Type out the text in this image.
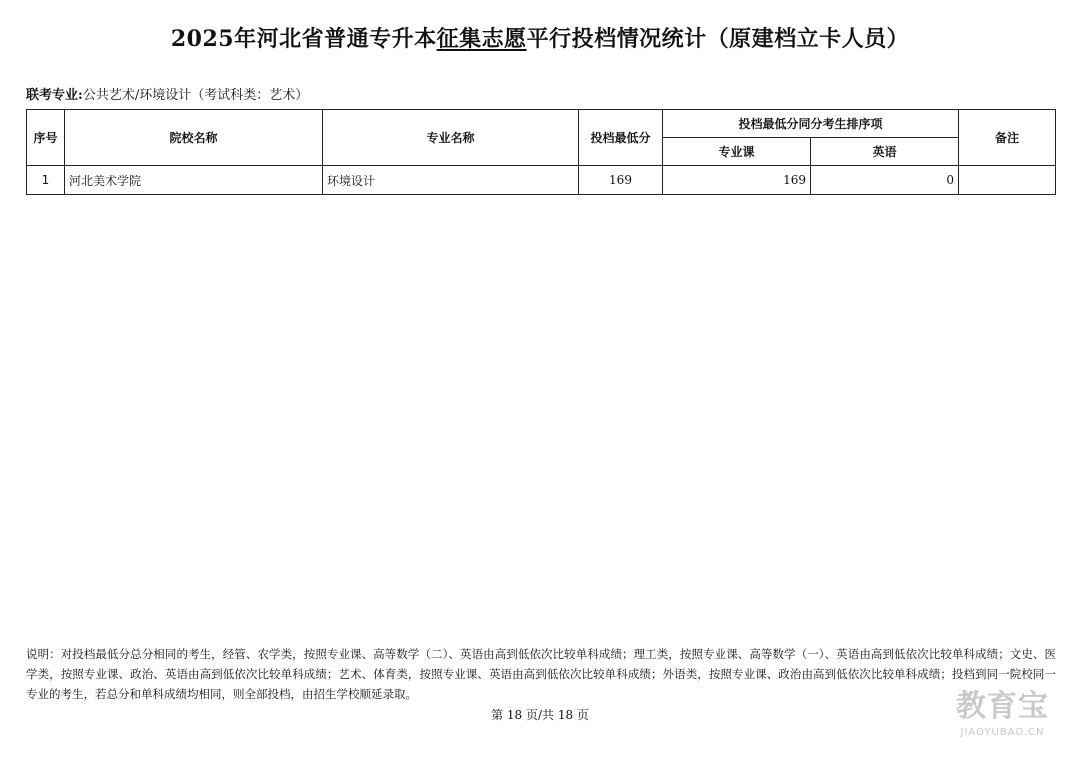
2025年河北省普通专升本征集志愿平行投档情况统计（原建档立卡人员）
联考专业:公共艺术/环境设计（考试科类：艺术）
序号	院校名称	专业名称	投档最低分	投档最低分同分考生排序项		备注
				专业课	英语	
1	河北美术学院	环境设计	169	169	0	
说明：对投档最低分总分相同的考生，经管、农学类，按照专业课、高等数学（二）、英语由高到低依次比较单科成绩；理工类，按照专业课、高等数学（一）、英语由高到低依次比较单科成绩；文史、医学类，按照专业课、政治、英语由高到低依次比较单科成绩；艺术、体育类，按照专业课、英语由高到低依次比较单科成绩；外语类，按照专业课、政治由高到低依次比较单科成绩；投档到同一院校同一专业的考生，若总分和单科成绩均相同，则全部投档，由招生学校顺延录取。
第 18 页/共 18 页	教育宝
JIAOYUBAO.CN
